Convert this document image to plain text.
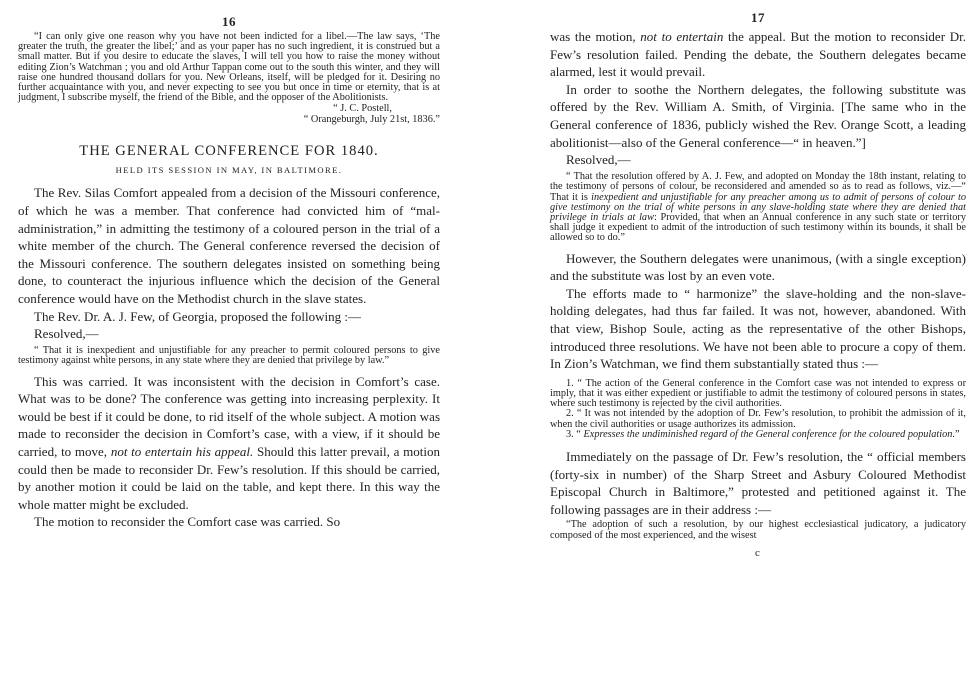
16

“I can only give one reason why you have not been indicted for a libel.—The law says, ‘The greater the truth, the greater the libel;’ and as your paper has no such ingredient, it is construed but a small matter. But if you desire to educate the slaves, I will tell you how to raise the money without editing Zion’s Watchman ; you and old Arthur Tappan come out to the south this winter, and they will raise one hundred thousand dollars for you. New Orleans, itself, will be pledged for it. Desiring no further acquaintance with you, and never expecting to see you but once in time or eternity, that is at judgment, I subscribe myself, the friend of the Bible, and the opposer of the Abolitionists.

“ J. C. Postell,

“ Orangeburgh, July 21st, 1836.”

THE GENERAL CONFERENCE FOR 1840.
HELD ITS SESSION IN MAY, IN BALTIMORE.

The Rev. Silas Comfort appealed from a decision of the Missouri conference, of which he was a member. That conference had convicted him of “mal-administration,” in admitting the testimony of a coloured person in the trial of a white member of the church. The General conference reversed the decision of the Missouri conference. The southern delegates insisted on something being done, to counteract the injurious influence which the decision of the General conference would have on the Methodist church in the slave states.

The Rev. Dr. A. J. Few, of Georgia, proposed the following :—

Resolved,—

“ That it is inexpedient and unjustifiable for any preacher to permit coloured persons to give testimony against white persons, in any state where they are denied that privilege by law.”

This was carried. It was inconsistent with the decision in Comfort’s case. What was to be done? The conference was getting into increasing perplexity. It would be best if it could be done, to rid itself of the whole subject. A motion was made to reconsider the decision in Comfort’s case, with a view, if it should be carried, to move, not to entertain his appeal. Should this latter prevail, a motion could then be made to reconsider Dr. Few’s resolution. If this should be carried, by another motion it could be laid on the table, and kept there. In this way the whole matter might be excluded.

The motion to reconsider the Comfort case was carried. So

17

was the motion, not to entertain the appeal. But the motion to reconsider Dr. Few’s resolution failed. Pending the debate, the Southern delegates became alarmed, lest it would prevail.

In order to soothe the Northern delegates, the following substitute was offered by the Rev. William A. Smith, of Virginia. [The same who in the General conference of 1836, publicly wished the Rev. Orange Scott, a leading abolitionist—also of the General conference—“ in heaven.”]

Resolved,—

“ That the resolution offered by A. J. Few, and adopted on Monday the 18th instant, relating to the testimony of persons of colour, be reconsidered and amended so as to read as follows, viz.—“ That it is inexpedient and unjustifiable for any preacher among us to admit of persons of colour to give testimony on the trial of white persons in any slave-holding state where they are denied that privilege in trials at law: Provided, that when an Annual conference in any such state or territory shall judge it expedient to admit of the introduction of such testimony within its bounds, it shall be allowed so to do.”

However, the Southern delegates were unanimous, (with a single exception) and the substitute was lost by an even vote.

The efforts made to “ harmonize” the slave-holding and the non-slave-holding delegates, had thus far failed. It was not, however, abandoned. With that view, Bishop Soule, acting as the representative of the other Bishops, introduced three resolutions. We have not been able to procure a copy of them. In Zion’s Watchman, we find them substantially stated thus :—

1. “ The action of the General conference in the Comfort case was not intended to express or imply, that it was either expedient or justifiable to admit the testimony of coloured persons in states, where such testimony is rejected by the civil authorities.

2. “ It was not intended by the adoption of Dr. Few’s resolution, to prohibit the admission of it, when the civil authorities or usage authorizes its admission.

3. “ Expresses the undiminished regard of the General conference for the coloured population.”

Immediately on the passage of Dr. Few’s resolution, the “ official members (forty-six in number) of the Sharp Street and Asbury Coloured Methodist Episcopal Church in Baltimore,” protested and petitioned against it. The following passages are in their address :—

“The adoption of such a resolution, by our highest ecclesiastical judicatory, a judicatory composed of the most experienced, and the wisest

c
